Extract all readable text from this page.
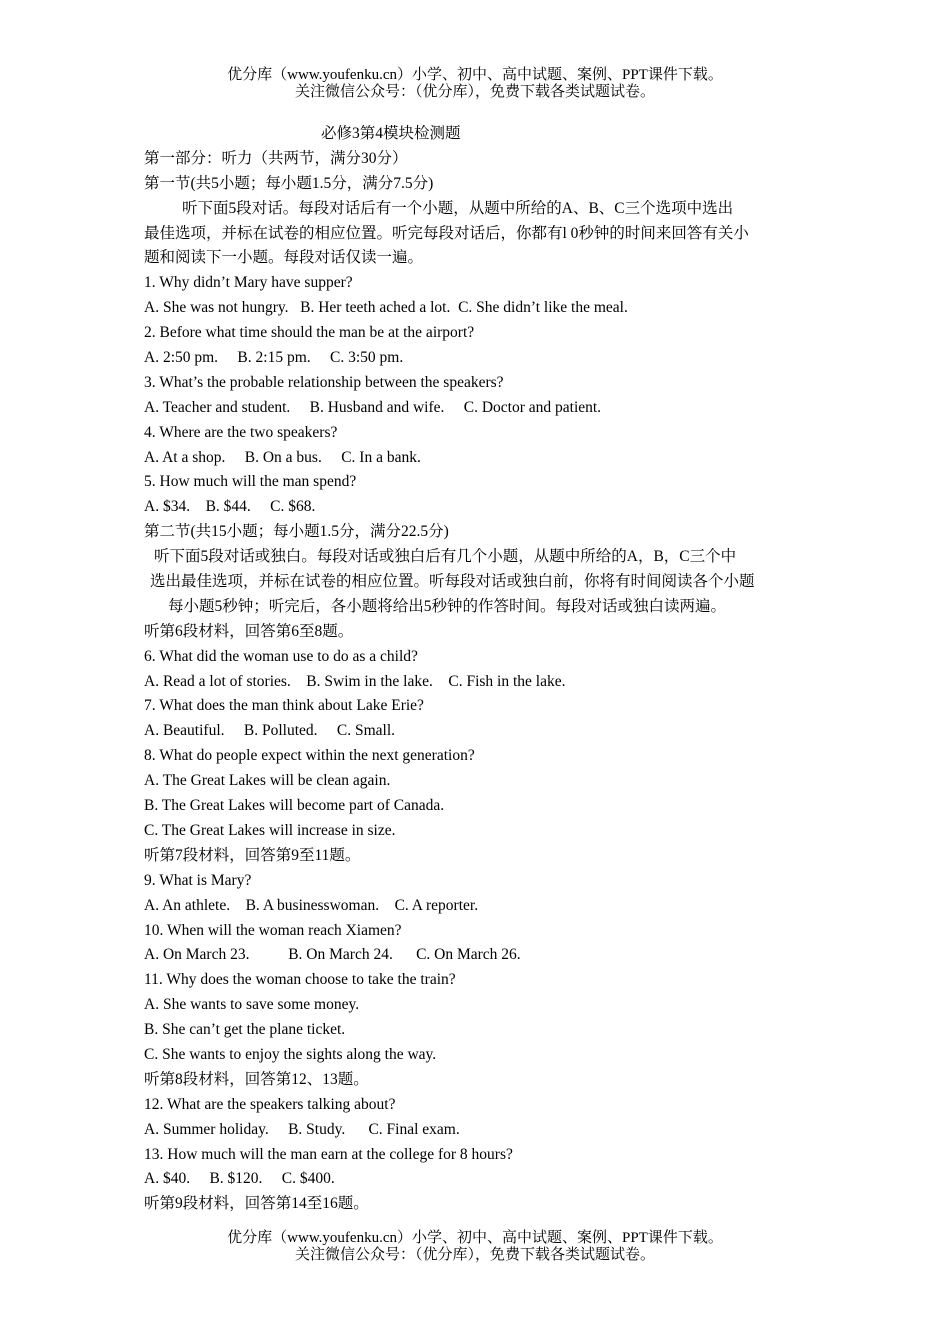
优分库（www.youfenku.cn）小学、初中、高中试题、案例、PPT课件下载。
关注微信公众号：（优分库），免费下载各类试题试卷。
必修3第4模块检测题
第一部分：听力（共两节，满分30分）
第一节(共5小题；每小题1.5分，满分7.5分)
听下面5段对话。每段对话后有一个小题，从题中所给的A、B、C三个选项中选出
最佳选项，并标在试卷的相应位置。听完每段对话后，你都有l 0秒钟的时间来回答有关小
题和阅读下一小题。每段对话仅读一遍。
1. Why didn’t Mary have supper?
A. She was not hungry.   B. Her teeth ached a lot.  C. She didn’t like the meal.
2. Before what time should the man be at the airport?
A. 2:50 pm.     B. 2:15 pm.     C. 3:50 pm.
3. What’s the probable relationship between the speakers?
A. Teacher and student.     B. Husband and wife.     C. Doctor and patient.
4. Where are the two speakers?
A. At a shop.     B. On a bus.     C. In a bank.
5. How much will the man spend?
A. $34.    B. $44.     C. $68.
第二节(共15小题；每小题1.5分，满分22.5分)
听下面5段对话或独白。每段对话或独白后有几个小题，从题中所给的A，B，C三个中
选出最佳选项，并标在试卷的相应位置。听每段对话或独白前，你将有时间阅读各个小题
每小题5秒钟；听完后，各小题将给出5秒钟的作答时间。每段对话或独白读两遍。
听第6段材料，回答第6至8题。
6. What did the woman use to do as a child?
A. Read a lot of stories.    B. Swim in the lake.    C. Fish in the lake.
7. What does the man think about Lake Erie?
A. Beautiful.     B. Polluted.     C. Small.
8. What do people expect within the next generation?
A. The Great Lakes will be clean again.
B. The Great Lakes will become part of Canada.
C. The Great Lakes will increase in size.
听第7段材料，回答第9至11题。
9. What is Mary?
A. An athlete.    B. A businesswoman.    C. A reporter.
10. When will the woman reach Xiamen?
A. On March 23.          B. On March 24.      C. On March 26.
11. Why does the woman choose to take the train?
A. She wants to save some money.
B. She can’t get the plane ticket.
C. She wants to enjoy the sights along the way.
听第8段材料，回答第12、13题。
12. What are the speakers talking about?
A. Summer holiday.     B. Study.      C. Final exam.
13. How much will the man earn at the college for 8 hours?
A. $40.     B. $120.     C. $400.
听第9段材料，回答第14至16题。
优分库（www.youfenku.cn）小学、初中、高中试题、案例、PPT课件下载。
关注微信公众号：（优分库），免费下载各类试题试卷。
